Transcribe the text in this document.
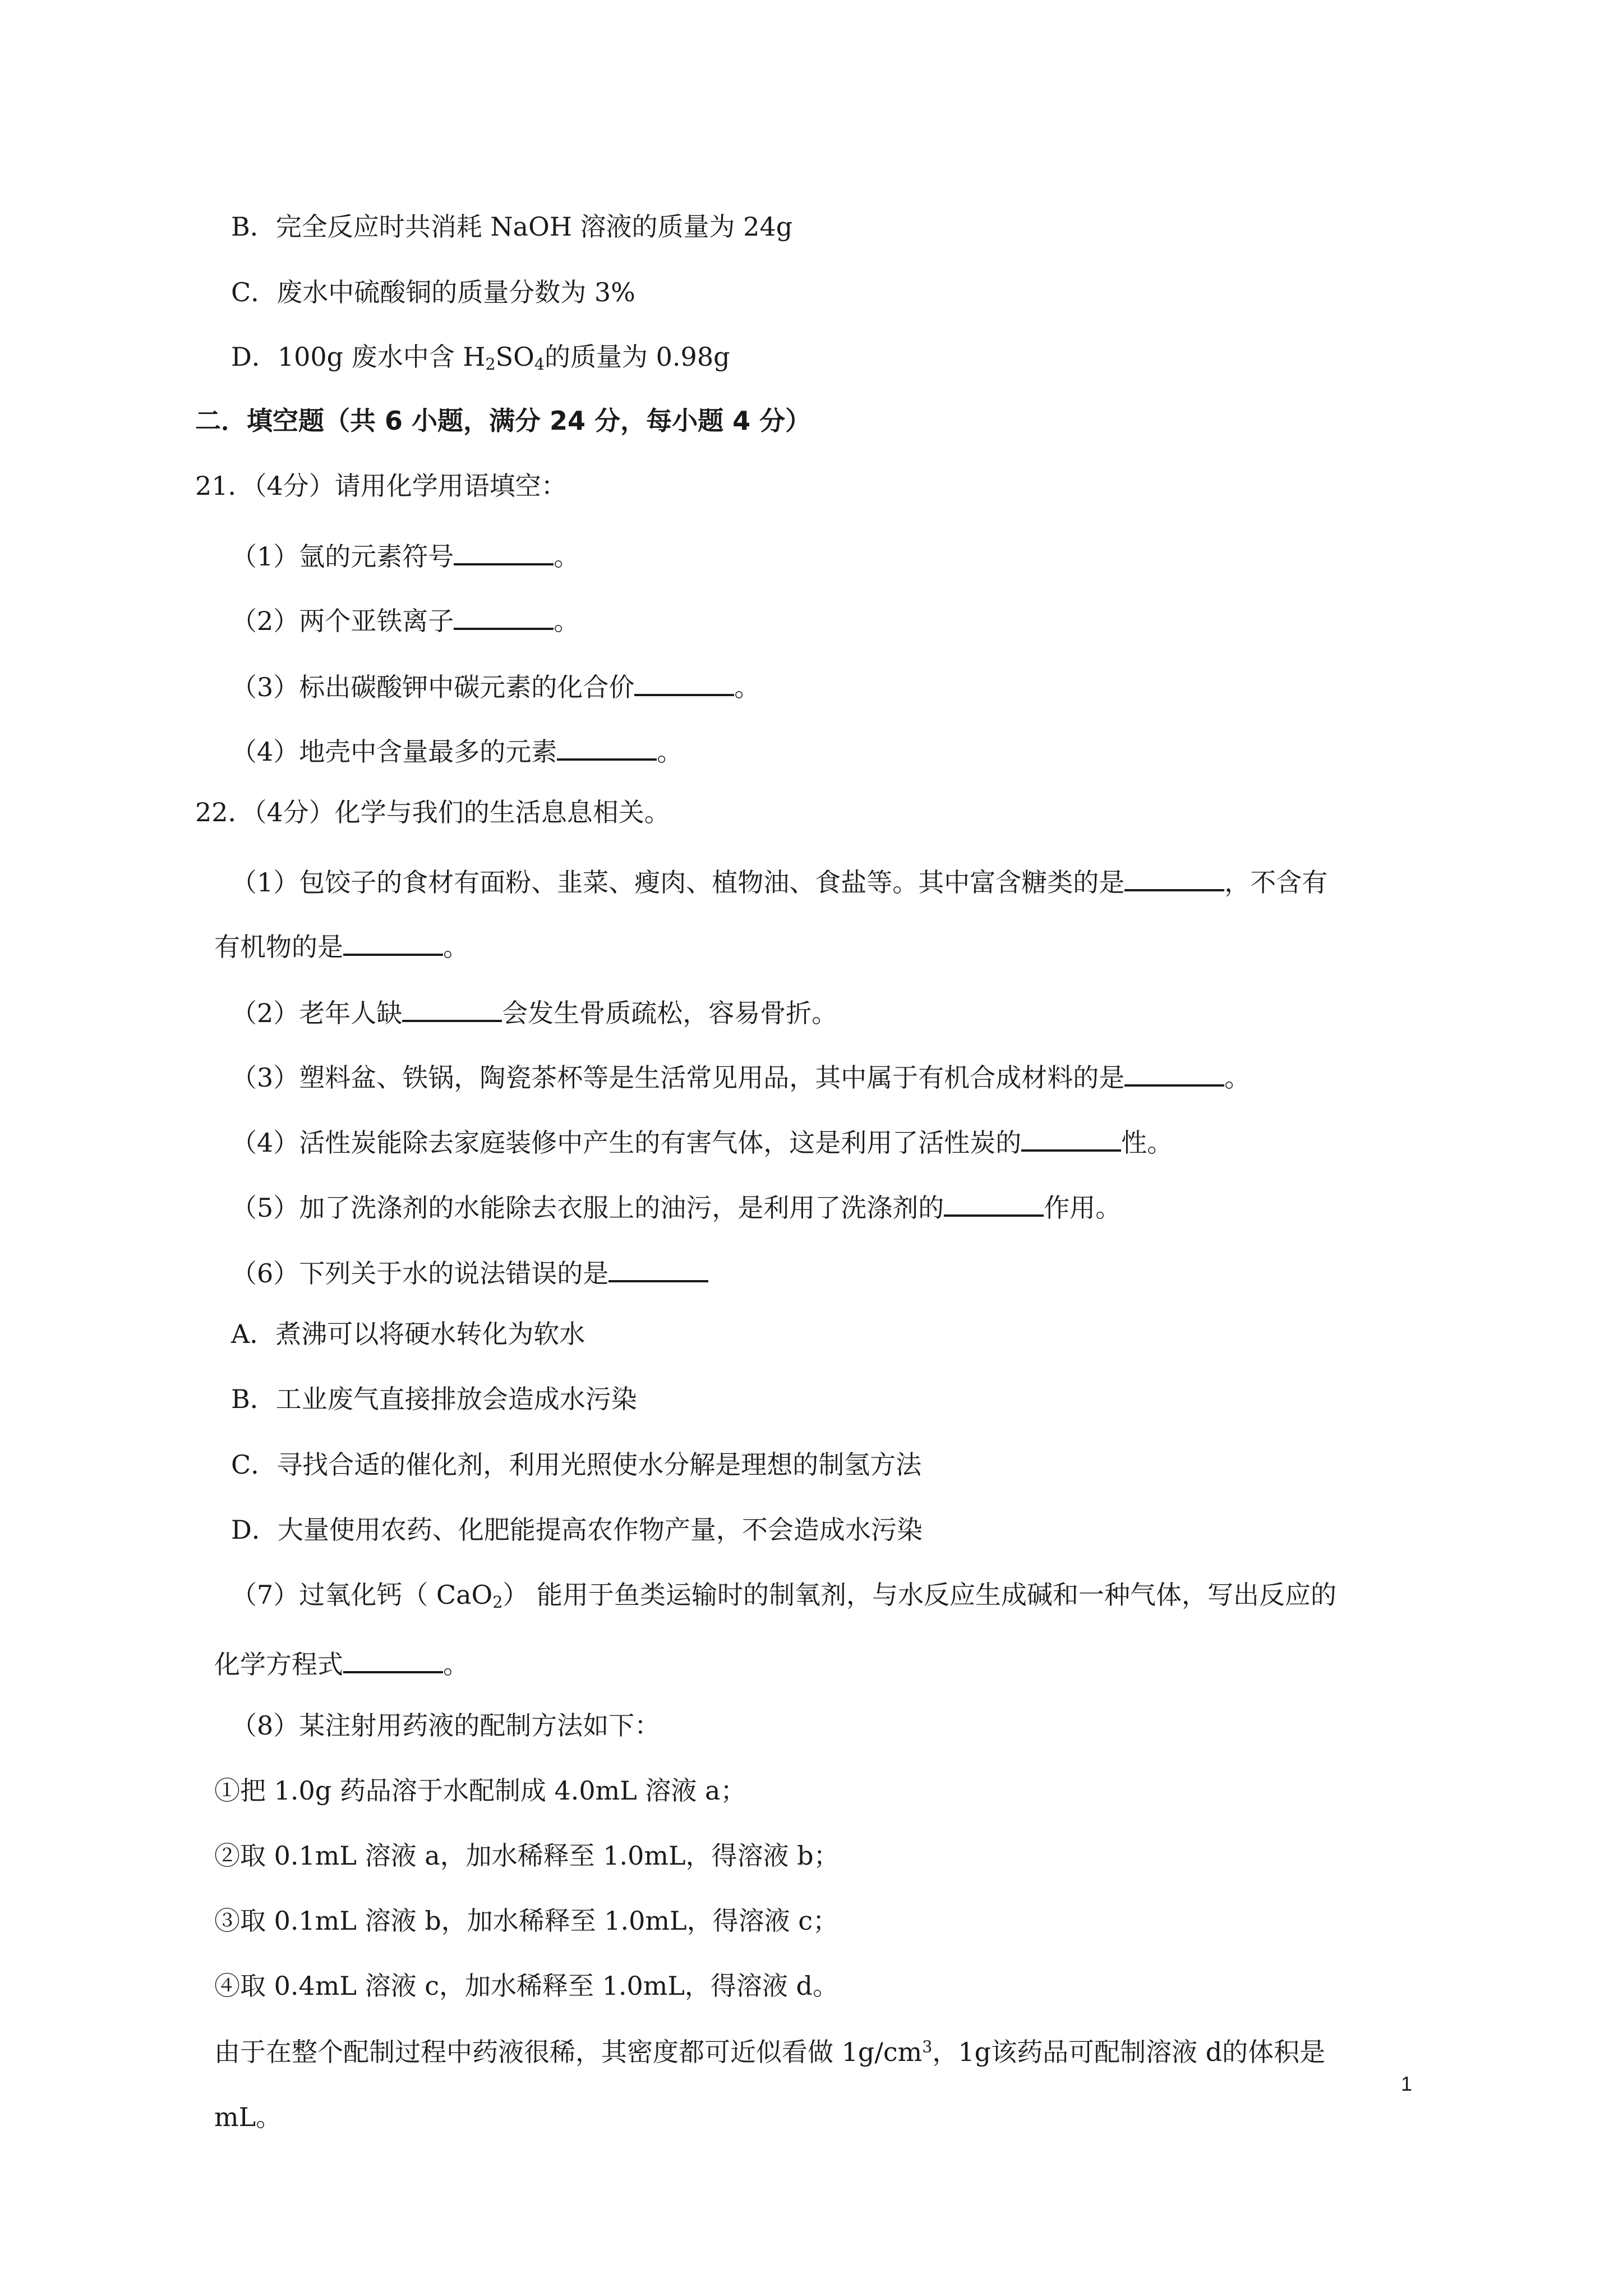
B．完全反应时共消耗 NaOH 溶液的质量为 24g
C．废水中硫酸铜的质量分数为 3%
D．100g 废水中含 $H_2SO_4$的质量为 0.98g
二．填空题（共 6 小题，满分 24 分，每小题 4 分）
21．（4分）请用化学用语填空：
（1）氩的元素符号	。
（2）两个亚铁离子	。
（3）标出碳酸钾中碳元素的化合价	。
（4）地壳中含量最多的元素	。
22．（4分）化学与我们的生活息息相关。
（1）包饺子的食材有面粉、韭菜、瘦肉、植物油、食盐等。其中富含糖类的是	，不含有
有机物的是	。
（2）老年人缺	会发生骨质疏松，容易骨折。
（3）塑料盆、铁锅，陶瓷茶杯等是生活常见用品，其中属于有机合成材料的是	。
（4）活性炭能除去家庭装修中产生的有害气体，这是利用了活性炭的	性。
（5）加了洗涤剂的水能除去衣服上的油污，是利用了洗涤剂的	作用。
（6）下列关于水的说法错误的是
A．煮沸可以将硬水转化为软水
B．工业废气直接排放会造成水污染
C．寻找合适的催化剂，利用光照使水分解是理想的制氢方法
D．大量使用农药、化肥能提高农作物产量，不会造成水污染
（7）过氧化钙（ CaO$_2$） 能用于鱼类运输时的制氧剂，与水反应生成碱和一种气体，写出反应的
化学方程式	。
（8）某注射用药液的配制方法如下：
①把 1.0g 药品溶于水配制成 4.0mL 溶液 a；
②取 0.1mL 溶液 a，加水稀释至 1.0mL，得溶液 b；
③取 0.1mL 溶液 b，加水稀释至 1.0mL，得溶液 c；
④取 0.4mL 溶液 c，加水稀释至 1.0mL，得溶液 d。
由于在整个配制过程中药液很稀，其密度都可近似看做 $1g/cm^3$，1g该药品可配制溶液 d的体积是
mL。
1
